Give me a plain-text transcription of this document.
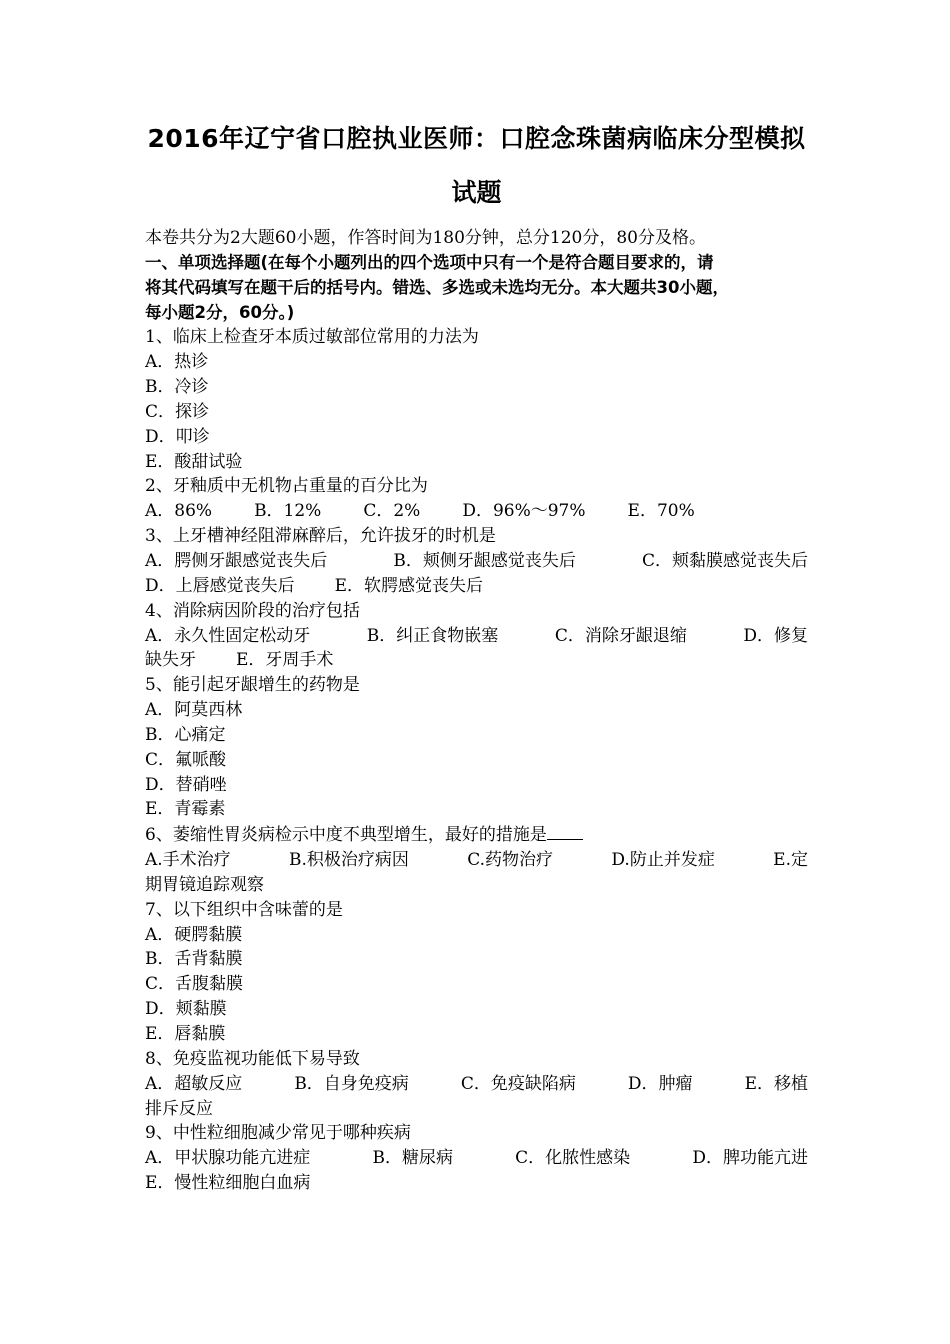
2016年辽宁省口腔执业医师：口腔念珠菌病临床分型模拟
试题
本卷共分为2大题60小题，作答时间为180分钟，总分120分，80分及格。
一、单项选择题(在每个小题列出的四个选项中只有一个是符合题目要求的，请
将其代码填写在题干后的括号内。错选、多选或未选均无分。本大题共30小题，
每小题2分，60分。)
1、临床上检查牙本质过敏部位常用的力法为
A．热诊
B．冷诊
C．探诊
D．叩诊
E．酸甜试验
2、牙釉质中无机物占重量的百分比为
A．86% B．12% C．2% D．96%～97% E．70%
3、上牙槽神经阻滞麻醉后，允许拔牙的时机是
A．腭侧牙龈感觉丧失后	B．颊侧牙龈感觉丧失后	C．颊黏膜感觉丧失后
D．上唇感觉丧失后 E．软腭感觉丧失后
4、消除病因阶段的治疗包括
A．永久性固定松动牙	B．纠正食物嵌塞	C．消除牙龈退缩	D．修复
缺失牙 E．牙周手术
5、能引起牙龈增生的药物是
A．阿莫西林
B．心痛定
C．氟哌酸
D．替硝唑
E．青霉素
6、萎缩性胃炎病检示中度不典型增生，最好的措施是
A.手术治疗	B.积极治疗病因	C.药物治疗	D.防止并发症	E.定
期胃镜追踪观察
7、以下组织中含味蕾的是
A．硬腭黏膜
B．舌背黏膜
C．舌腹黏膜
D．颊黏膜
E．唇黏膜
8、免疫监视功能低下易导致
A．超敏反应	B．自身免疫病	C．免疫缺陷病	D．肿瘤	E．移植
排斥反应
9、中性粒细胞减少常见于哪种疾病
A．甲状腺功能亢进症	B．糖尿病	C．化脓性感染	D．脾功能亢进
E．慢性粒细胞白血病
